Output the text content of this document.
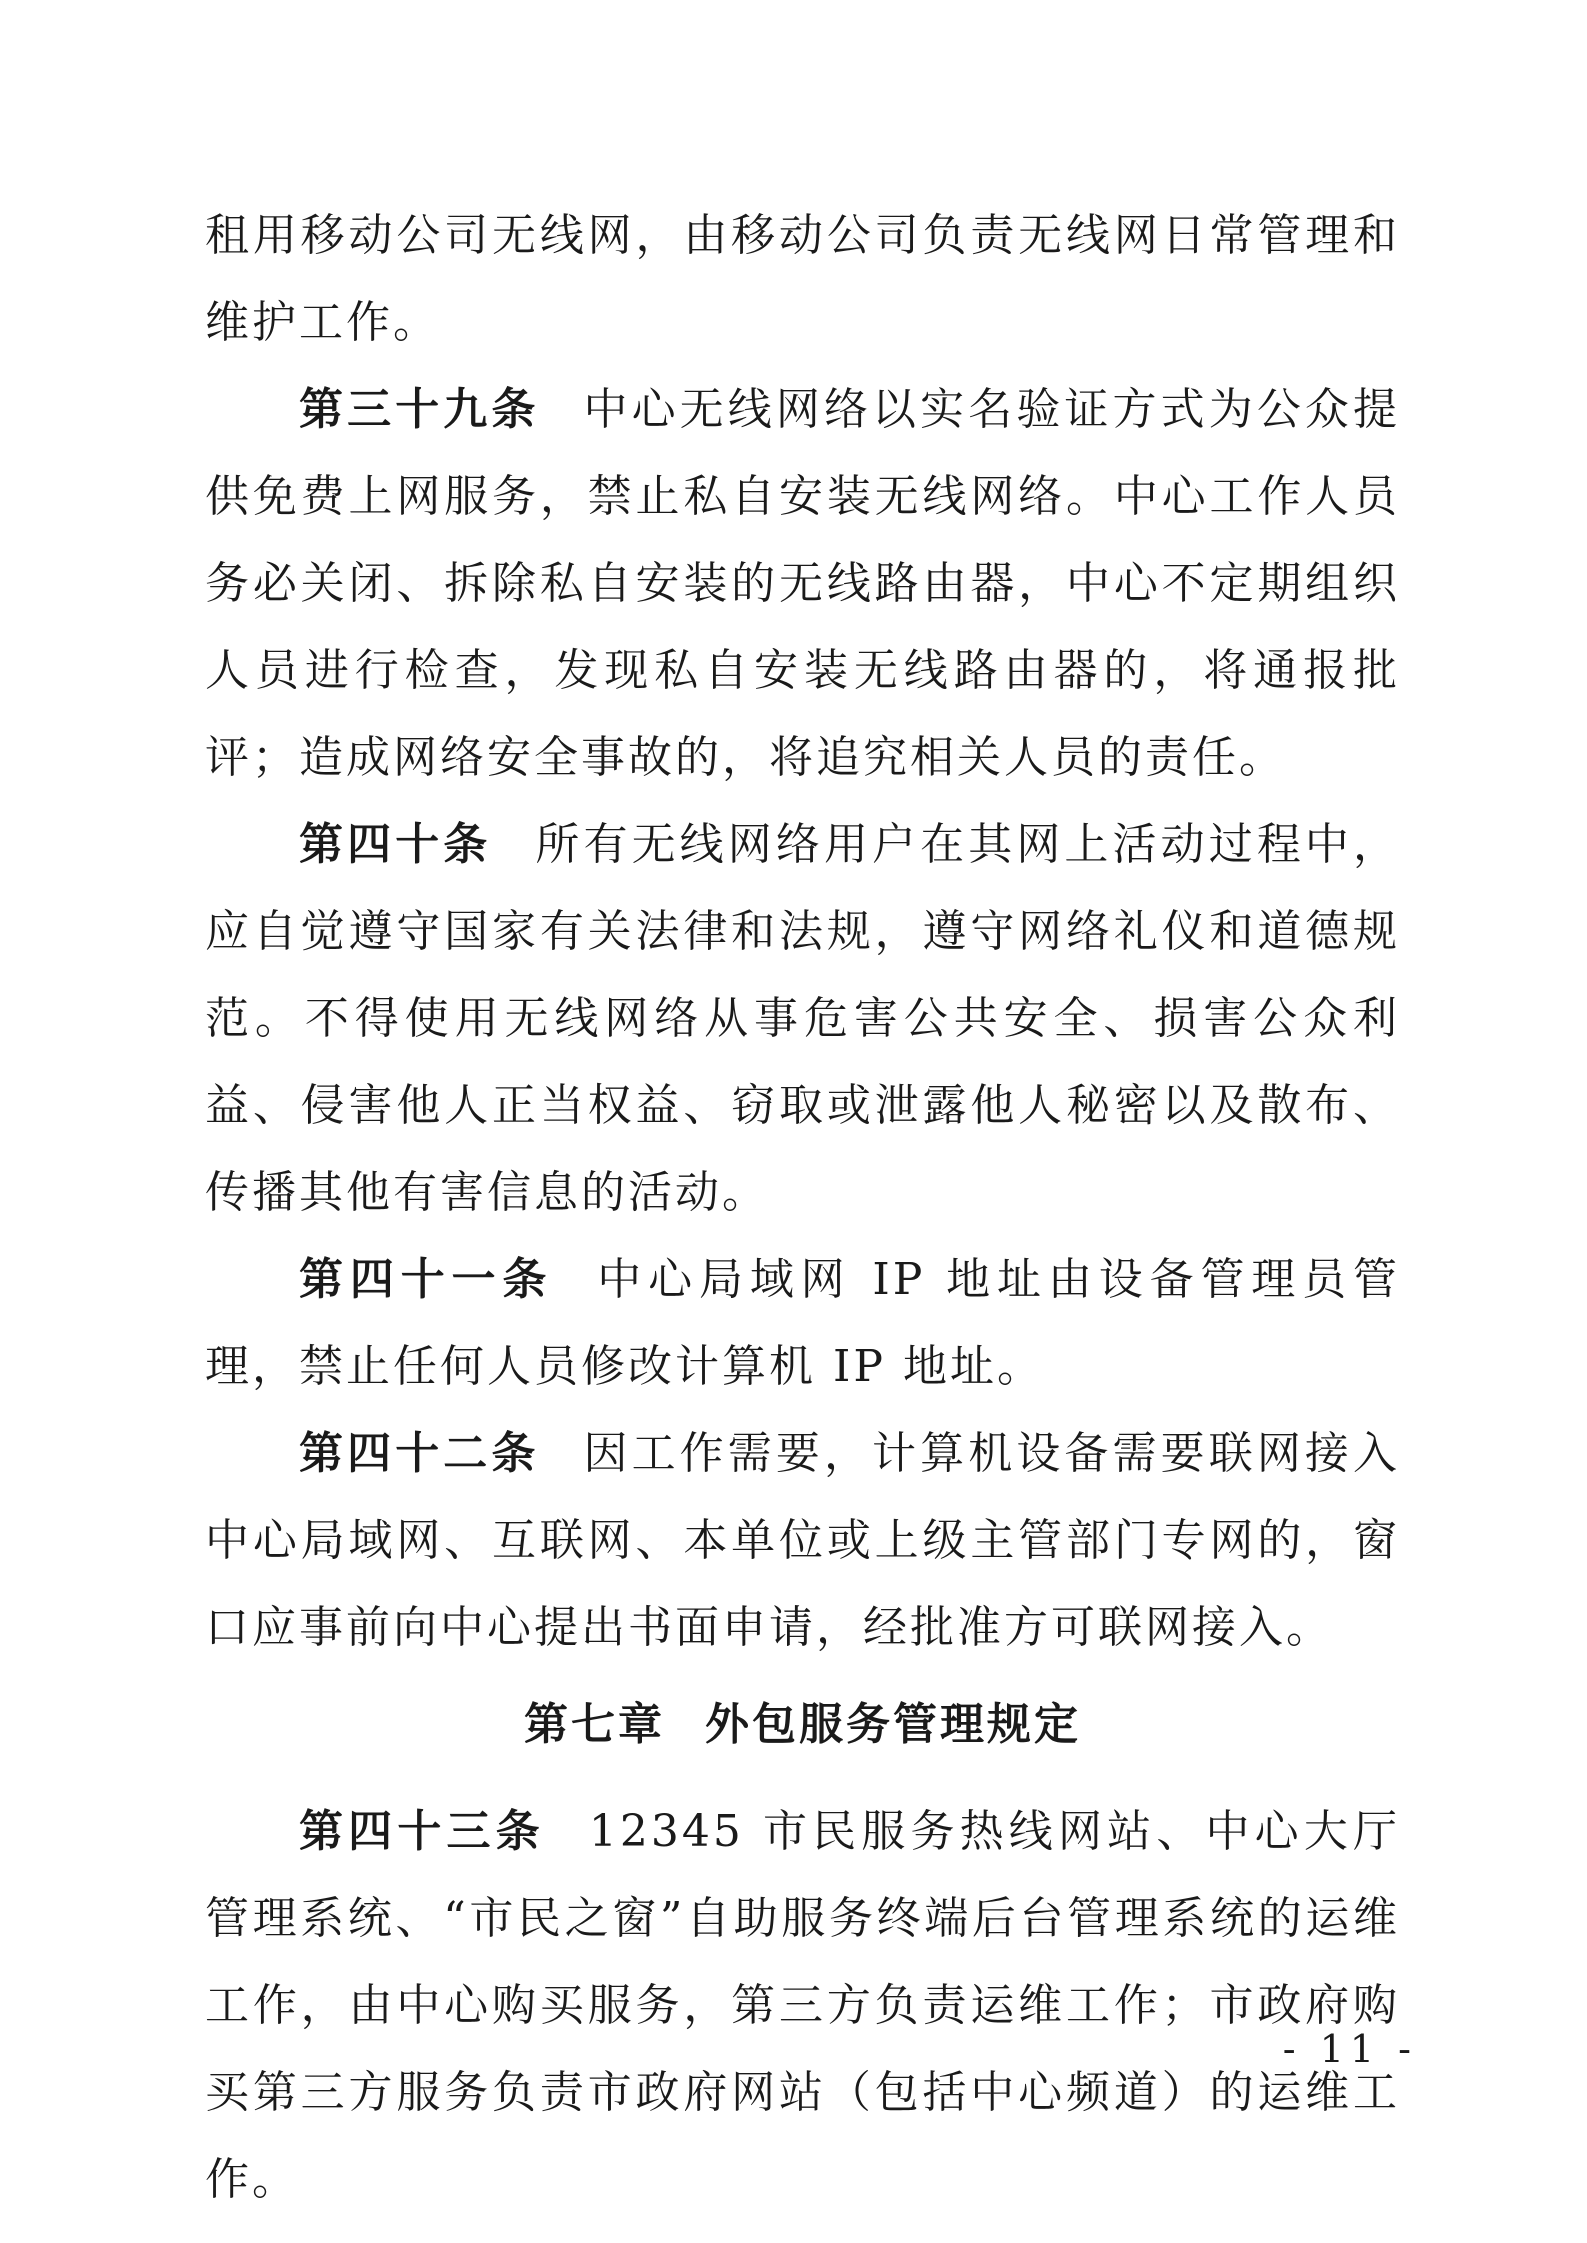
租用移动公司无线网，由移动公司负责无线网日常管理和维护工作。

第三十九条 中心无线网络以实名验证方式为公众提供免费上网服务，禁止私自安装无线网络。中心工作人员务必关闭、拆除私自安装的无线路由器，中心不定期组织人员进行检查，发现私自安装无线路由器的，将通报批评；造成网络安全事故的，将追究相关人员的责任。

第四十条 所有无线网络用户在其网上活动过程中，应自觉遵守国家有关法律和法规，遵守网络礼仪和道德规范。不得使用无线网络从事危害公共安全、损害公众利益、侵害他人正当权益、窃取或泄露他人秘密以及散布、传播其他有害信息的活动。

第四十一条 中心局域网 IP 地址由设备管理员管理，禁止任何人员修改计算机 IP 地址。

第四十二条 因工作需要，计算机设备需要联网接入中心局域网、互联网、本单位或上级主管部门专网的，窗口应事前向中心提出书面申请，经批准方可联网接入。

第七章 外包服务管理规定

第四十三条 12345 市民服务热线网站、中心大厅管理系统、“市民之窗”自助服务终端后台管理系统的运维工作，由中心购买服务，第三方负责运维工作；市政府购买第三方服务负责市政府网站（包括中心频道）的运维工作。

- 11 -
